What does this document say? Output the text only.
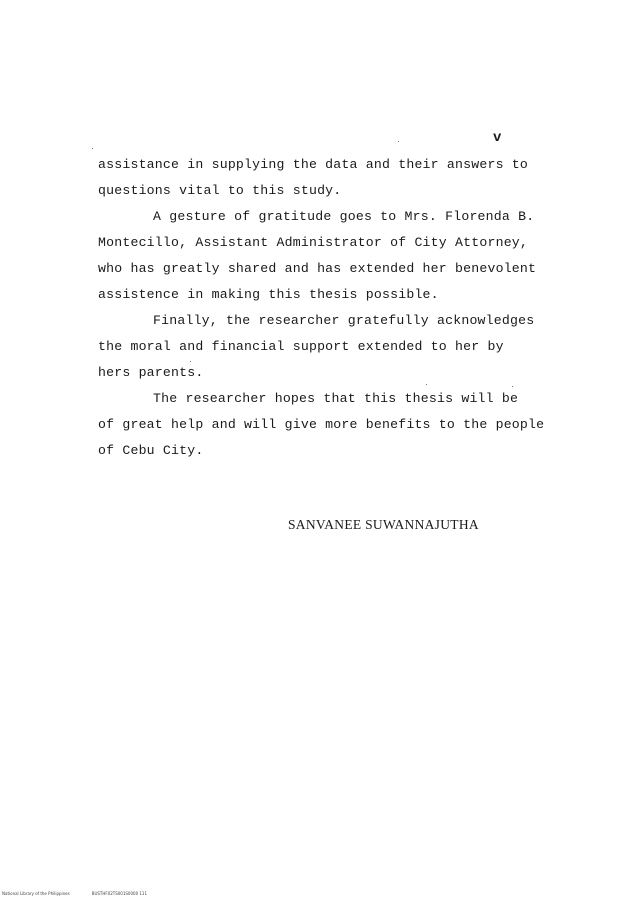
v
assistance in supplying the data and their answers to
questions vital to this study.
A gesture of gratitude goes to Mrs. Florenda B.
Montecillo, Assistant Administrator of City Attorney,
who has greatly shared and has extended her benevolent
assistence in making this thesis possible.
Finally, the researcher gratefully acknowledges
the moral and financial support extended to her by
hers parents.
The researcher hopes that this thesis will be
of great help and will give more benefits to the people
of Cebu City.
SANVANEE SUWANNAJUTHA
National Library of the Philippines	BUSTHF02TS001S0000 111
